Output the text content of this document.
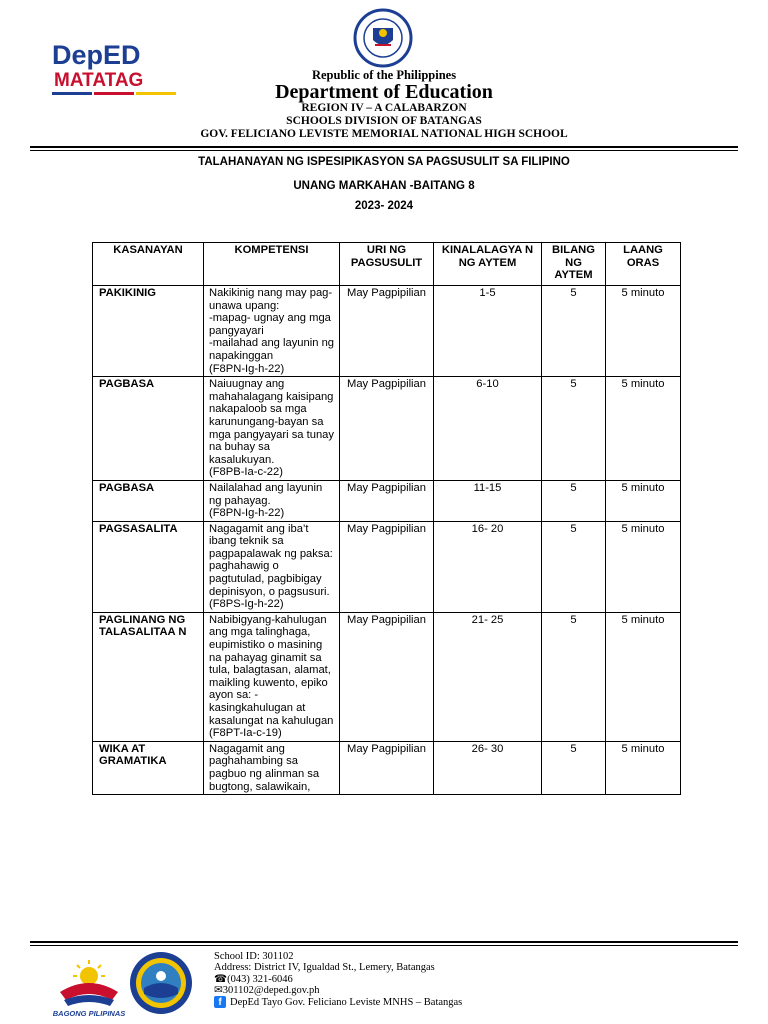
DepED
MATATAG	Republic of the Philippines
Department of Education
REGION IV – A CALABARZON
SCHOOLS DIVISION OF BATANGAS
GOV. FELICIANO LEVISTE MEMORIAL NATIONAL HIGH SCHOOL
TALAHANAYAN NG ISPESIPIKASYON SA PAGSUSULIT SA FILIPINO
UNANG MARKAHAN -BAITANG 8
2023- 2024
KASANAYAN	KOMPETENSI	URI NG PAGSUSULIT	KINALALAGYA N NG AYTEM	BILANG NG AYTEM	LAANG ORAS
PAKIKINIG	Nakikinig nang may pag-unawa upang:
-mapag- ugnay ang mga pangyayari
-mailahad ang layunin ng napakinggan
(F8PN-Ig-h-22)	May Pagpipilian	1-5	5	5 minuto
PAGBASA	Naiuugnay ang mahahalagang kaisipang nakapaloob sa mga karunungang-bayan sa mga pangyayari sa tunay na buhay sa kasalukuyan.
(F8PB-Ia-c-22)	May Pagpipilian	6-10	5	5 minuto
PAGBASA	Nailalahad ang layunin ng pahayag.
(F8PN-Ig-h-22)	May Pagpipilian	11-15	5	5 minuto
PAGSASALITA	Nagagamit ang iba’t ibang teknik sa pagpapalawak ng paksa: paghahawig o pagtutulad, pagbibigay depinisyon, o pagsusuri.
(F8PS-Ig-h-22)	May Pagpipilian	16- 20	5	5 minuto
PAGLINANG NG TALASALITAA N	Nabibigyang-kahulugan ang mga talinghaga, eupimistiko o masining na pahayag ginamit sa tula, balagtasan, alamat, maikling kuwento, epiko ayon sa: - kasingkahulugan at kasalungat na kahulugan
(F8PT-Ia-c-19)	May Pagpipilian	21- 25	5	5 minuto
WIKA AT GRAMATIKA	Nagagamit ang paghahambing sa pagbuo ng alinman sa bugtong, salawikain,	May Pagpipilian	26- 30	5	5 minuto
BAGONG PILIPINAS
School ID: 301102
Address: District IV, Igualdad St., Lemery, Batangas
☎(043) 321-6046
✉301102@deped.gov.ph
f DepEd Tayo Gov. Feliciano Leviste MNHS – Batangas
